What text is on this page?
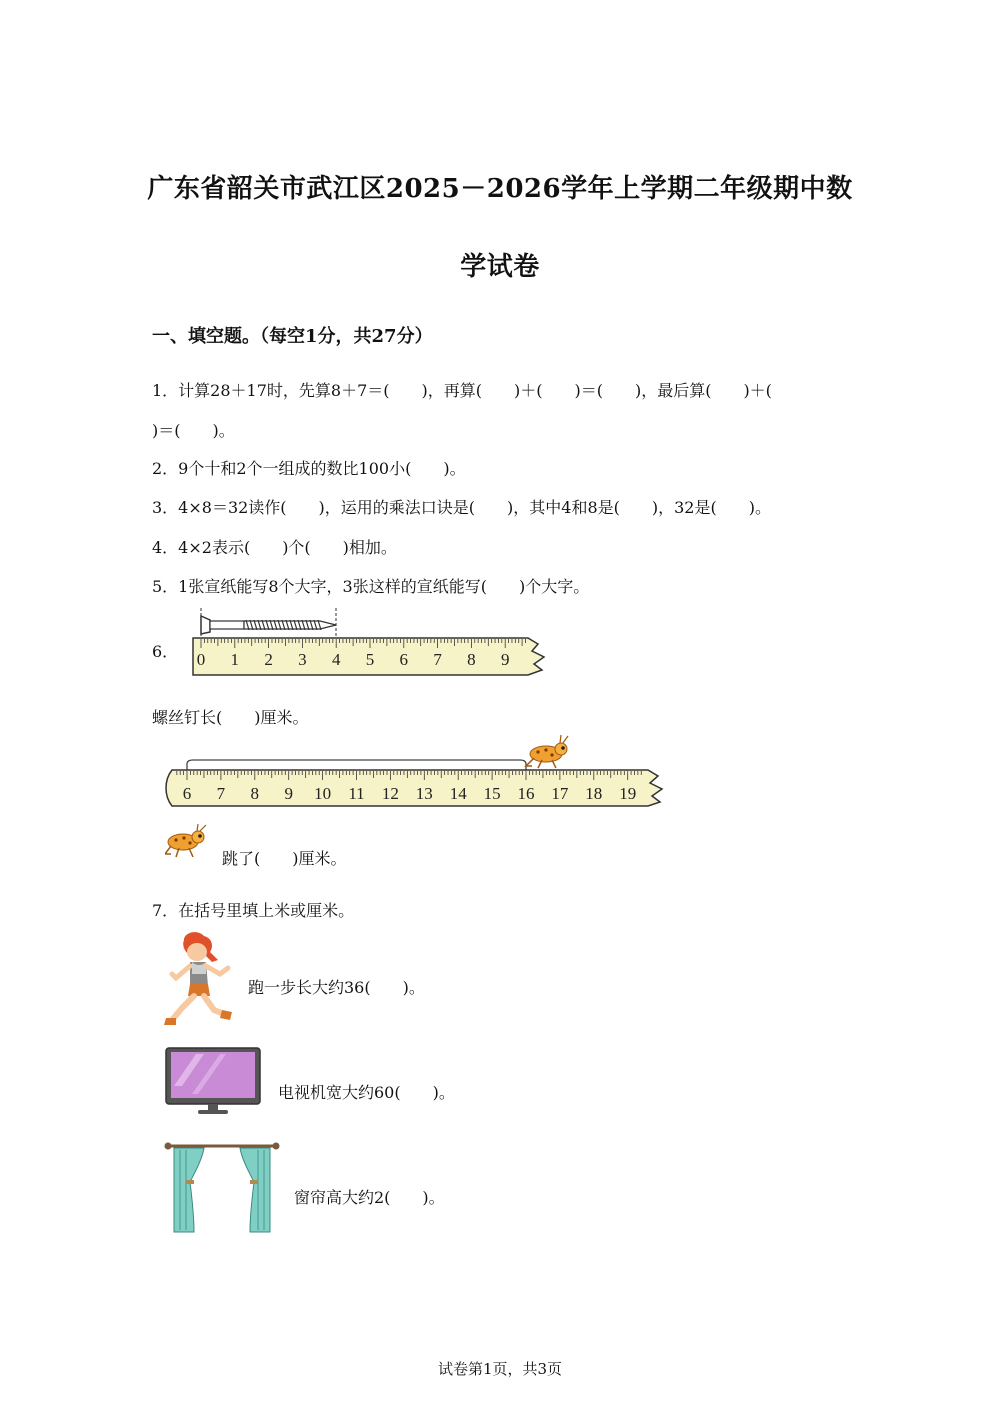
广东省韶关市武江区2025－2026学年上学期二年级期中数
学试卷
一、填空题。（每空1分，共27分）
1．计算28＋17时，先算8＋7＝(　　)，再算(　　)＋(　　)＝(　　)，最后算(　　)＋(
)＝(　　)。
2．9个十和2个一组成的数比100小(　　)。
3．4×8＝32读作(　　)，运用的乘法口诀是(　　)，其中4和8是(　　)，32是(　　)。
4．4×2表示(　　)个(　　)相加。
5．1张宣纸能写8个大字，3张这样的宣纸能写(　　)个大字。
6． 0 1 2 3 4 5 6 7 8 9
螺丝钉长(　　)厘米。
6 7 8 9 10 11 12 13 14 15 16 17 18 19
跳了(　　)厘米。
7．在括号里填上米或厘米。
跑一步长大约36(　　)。
电视机宽大约60(　　)。
窗帘高大约2(　　)。
试卷第1页，共3页
